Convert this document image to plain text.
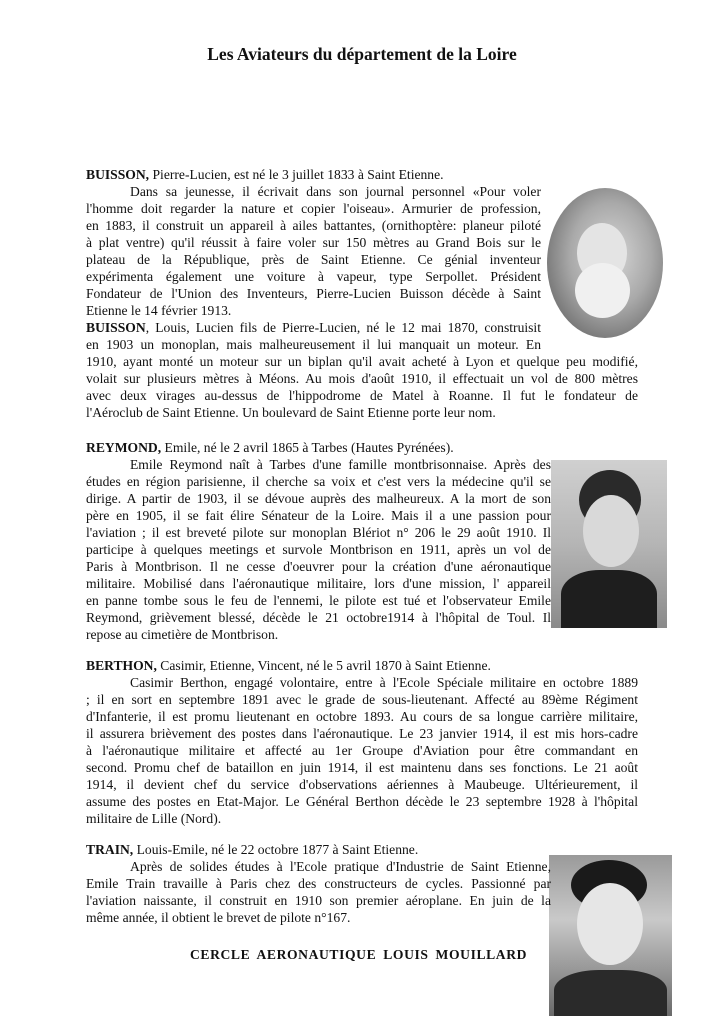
Les Aviateurs du département de la Loire
BUISSON, Pierre-Lucien, est né le 3 juillet 1833 à Saint Etienne.
Dans sa jeunesse, il écrivait dans son journal personnel «Pour voler
l'homme doit regarder la nature et copier l'oiseau». Armurier de profession,
en 1883, il construit un appareil à ailes battantes, (ornithoptère: planeur piloté
à plat ventre) qu'il réussit à faire voler sur 150 mètres au Grand Bois sur le
plateau de la République, près de Saint Etienne. Ce génial inventeur
expérimenta également une voiture à vapeur, type Serpollet. Président
Fondateur de l'Union des Inventeurs, Pierre-Lucien Buisson décède à Saint
Etienne le 14 février 1913.
BUISSON, Louis, Lucien fils de Pierre-Lucien, né le 12 mai 1870, construisit
en 1903 un monoplan, mais malheureusement il lui manquait un moteur. En
1910, ayant monté un moteur sur un biplan qu'il avait acheté à Lyon et quelque peu modifié,
volait sur plusieurs mètres à Méons. Au mois d'août 1910, il effectuait un vol de 800 mètres
avec deux virages au-dessus de l'hippodrome de Matel à Roanne. Il fut le fondateur de
l'Aéroclub de Saint Etienne. Un boulevard de Saint Etienne porte leur nom.
REYMOND, Emile, né le 2 avril 1865 à Tarbes (Hautes Pyrénées).
Emile Reymond naît à Tarbes d'une famille montbrisonnaise. Après des
études en région parisienne, il cherche sa voix et c'est vers la médecine qu'il se
dirige. A partir de 1903, il se dévoue auprès des malheureux. A la mort de son
père en 1905, il se fait élire Sénateur de la Loire. Mais il a une passion pour
l'aviation ; il est breveté pilote sur monoplan Blériot n° 206 le 29 août 1910. Il
participe à quelques meetings et survole Montbrison en 1911, après un vol de
Paris à Montbrison. Il ne cesse d'oeuvrer pour la création d'une aéronautique
militaire. Mobilisé dans l'aéronautique militaire, lors d'une mission, l' appareil
en panne tombe sous le feu de l'ennemi, le pilote est tué et l'observateur Emile
Reymond, grièvement blessé, décède le 21 octobre1914 à l'hôpital de Toul. Il
repose au cimetière de Montbrison.
BERTHON, Casimir, Etienne, Vincent, né le 5 avril 1870 à Saint Etienne.
Casimir Berthon, engagé volontaire, entre à l'Ecole Spéciale militaire en octobre 1889
; il en sort en septembre 1891 avec le grade de sous-lieutenant. Affecté au 89ème Régiment
d'Infanterie, il est promu lieutenant en octobre 1893. Au cours de sa longue carrière militaire,
il assurera brièvement des postes dans l'aéronautique. Le 23 janvier 1914, il est mis hors-cadre
à l'aéronautique militaire et affecté au 1er Groupe d'Aviation pour être commandant en
second. Promu chef de bataillon en juin 1914, il est maintenu dans ses fonctions. Le 21 août
1914, il devient chef du service d'observations aériennes à Maubeuge. Ultérieurement, il
assume des postes en Etat-Major. Le Général Berthon décède le 23 septembre 1928 à l'hôpital
militaire de Lille (Nord).
TRAIN, Louis-Emile, né le 22 octobre 1877 à Saint Etienne.
Après de solides études à l'Ecole pratique d'Industrie de Saint Etienne,
Emile Train travaille à Paris chez des constructeurs de cycles. Passionné par
l'aviation naissante, il construit en 1910 son premier aéroplane. En juin de la
même année, il obtient le brevet de pilote n°167.
CERCLE AERONAUTIQUE LOUIS MOUILLARD
